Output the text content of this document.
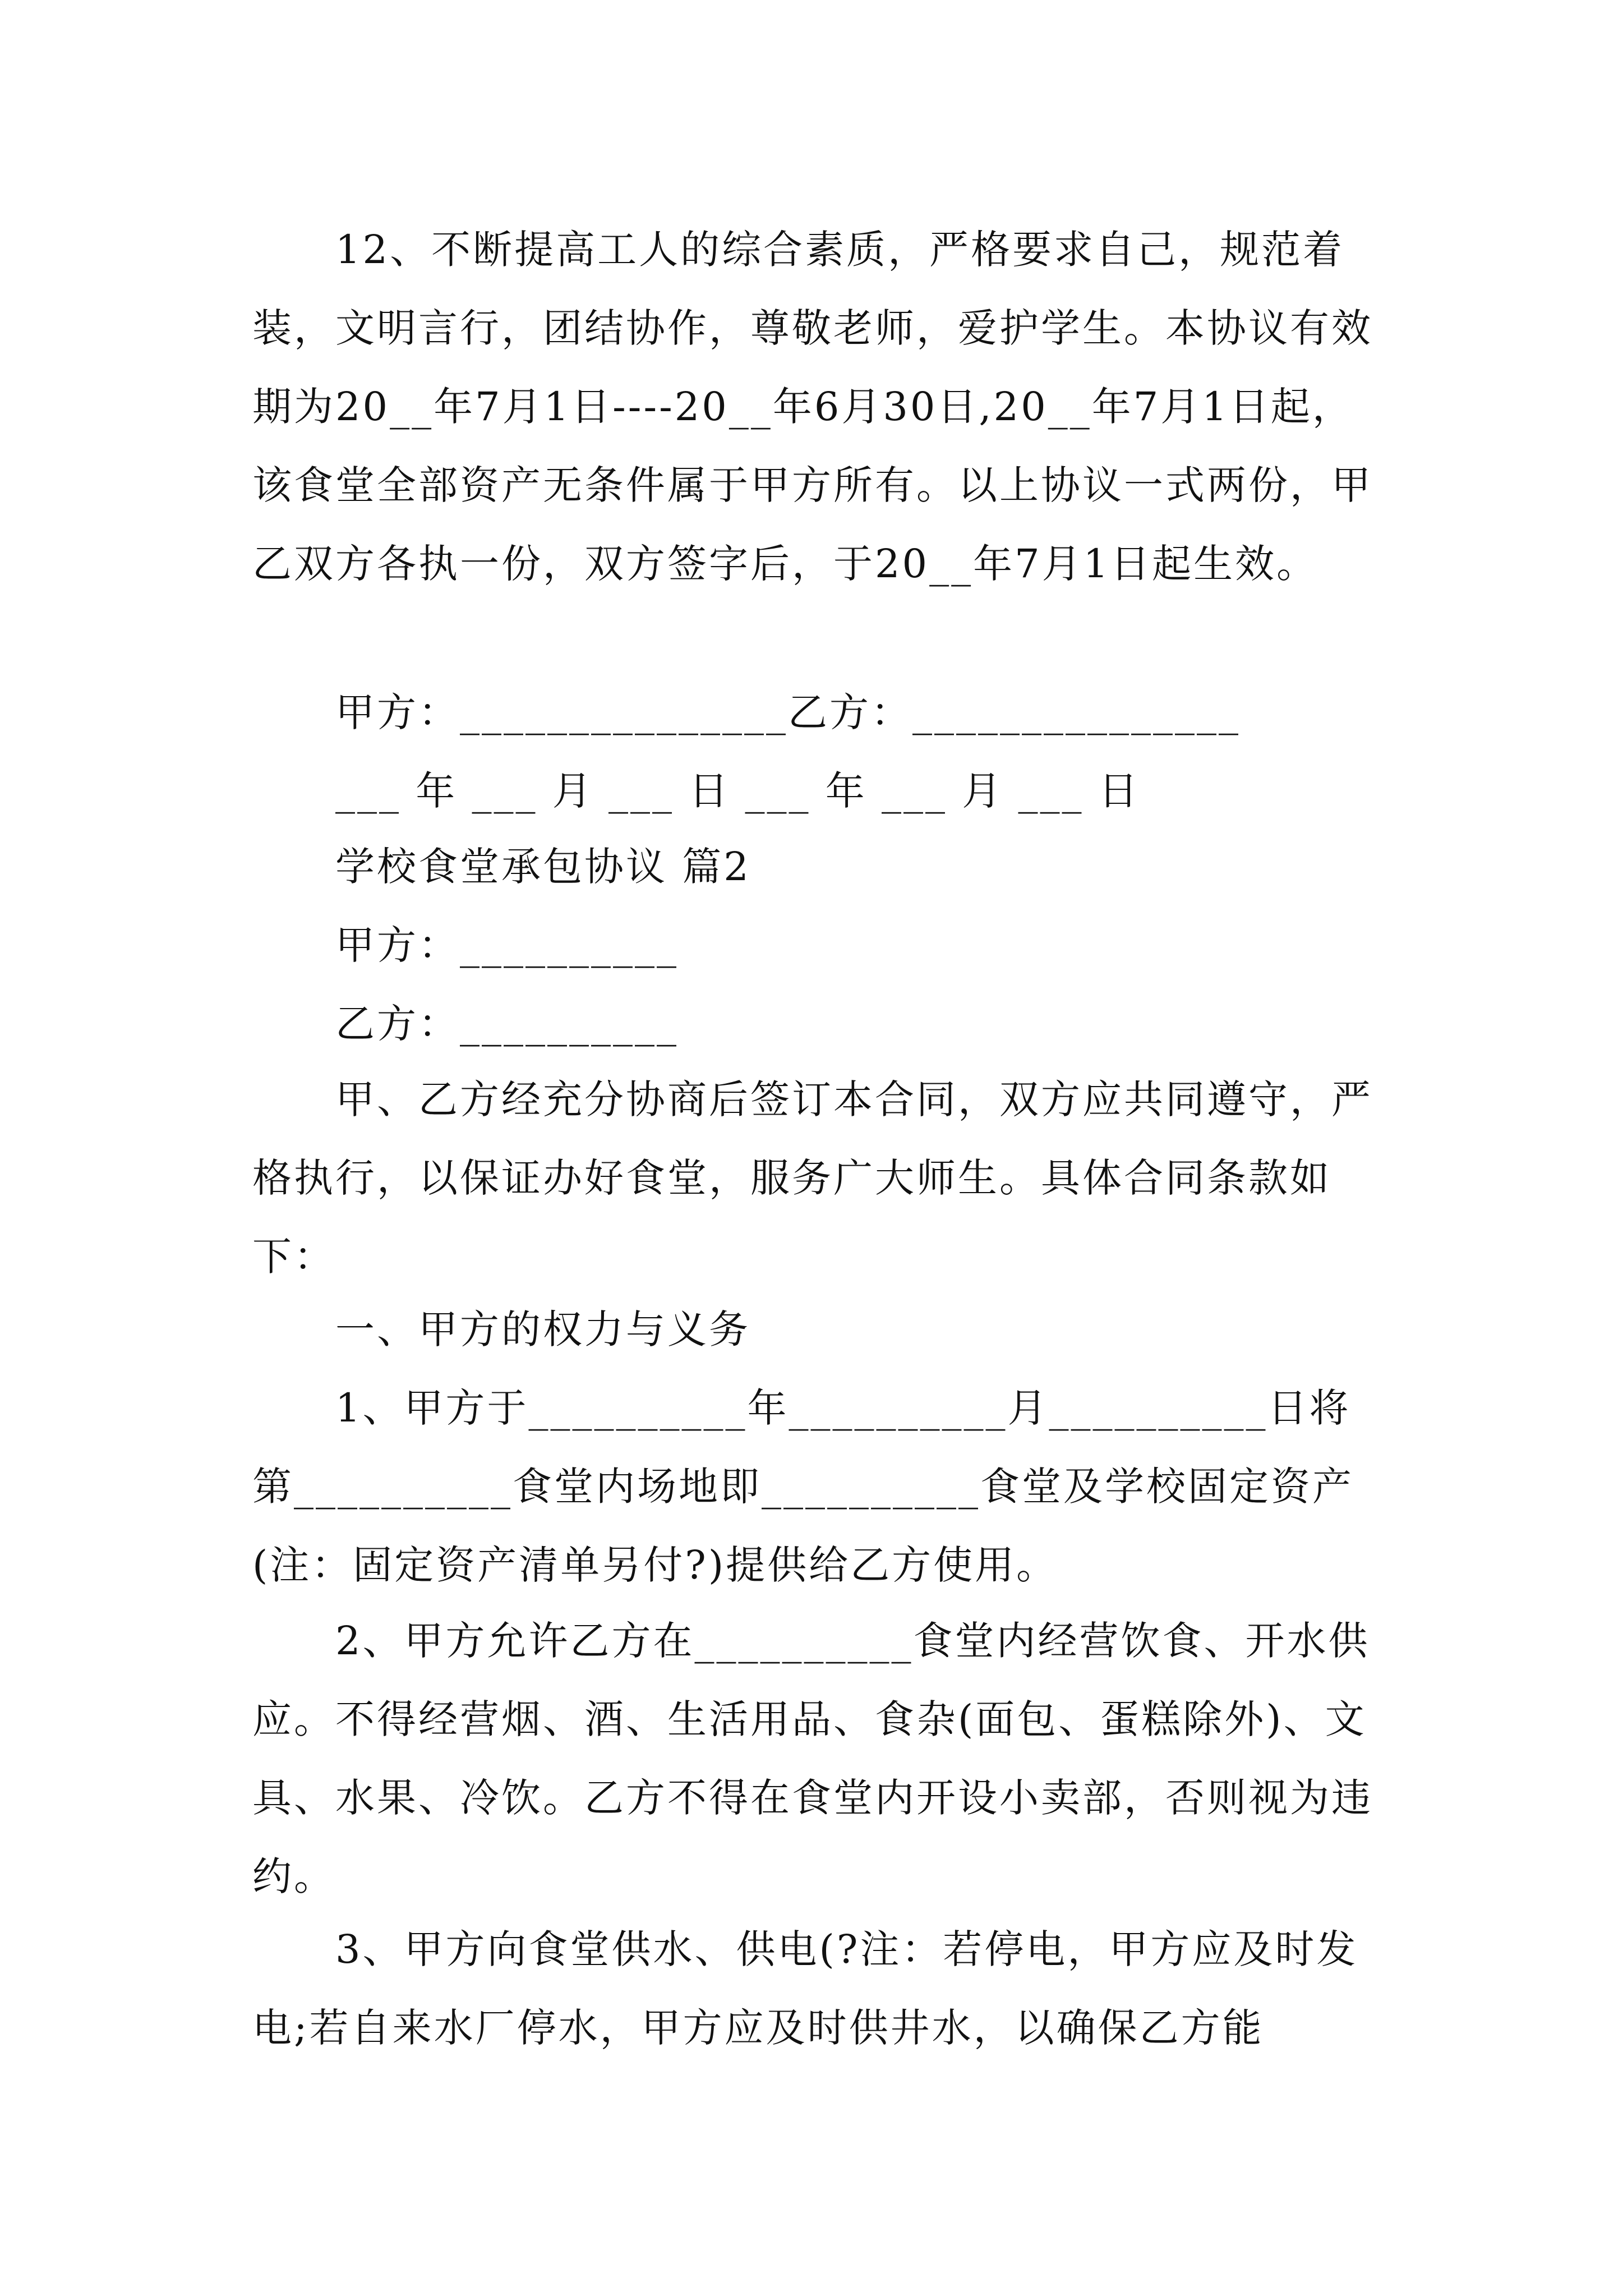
　　12、不断提高工人的综合素质，严格要求自己，规范着装，文明言行，团结协作，尊敬老师，爱护学生。本协议有效期为20__年7月1日----20__年6月30日,20__年7月1日起，该食堂全部资产无条件属于甲方所有。以上协议一式两份，甲乙双方各执一份，双方签字后，于20__年7月1日起生效。

　　甲方：_______________乙方：_______________

　　___ 年 ___ 月 ___ 日 ___ 年 ___ 月 ___ 日

　　学校食堂承包协议 篇2

　　甲方：__________

　　乙方：__________

　　甲、乙方经充分协商后签订本合同，双方应共同遵守，严格执行，以保证办好食堂，服务广大师生。具体合同条款如下：

　　一、甲方的权力与义务

　　1、甲方于__________年__________月__________日将第__________食堂内场地即__________食堂及学校固定资产(注：固定资产清单另付?)提供给乙方使用。

　　2、甲方允许乙方在__________食堂内经营饮食、开水供应。不得经营烟、酒、生活用品、食杂(面包、蛋糕除外)、文具、水果、冷饮。乙方不得在食堂内开设小卖部，否则视为违约。

　　3、甲方向食堂供水、供电(?注：若停电，甲方应及时发电;若自来水厂停水，甲方应及时供井水，以确保乙方能
